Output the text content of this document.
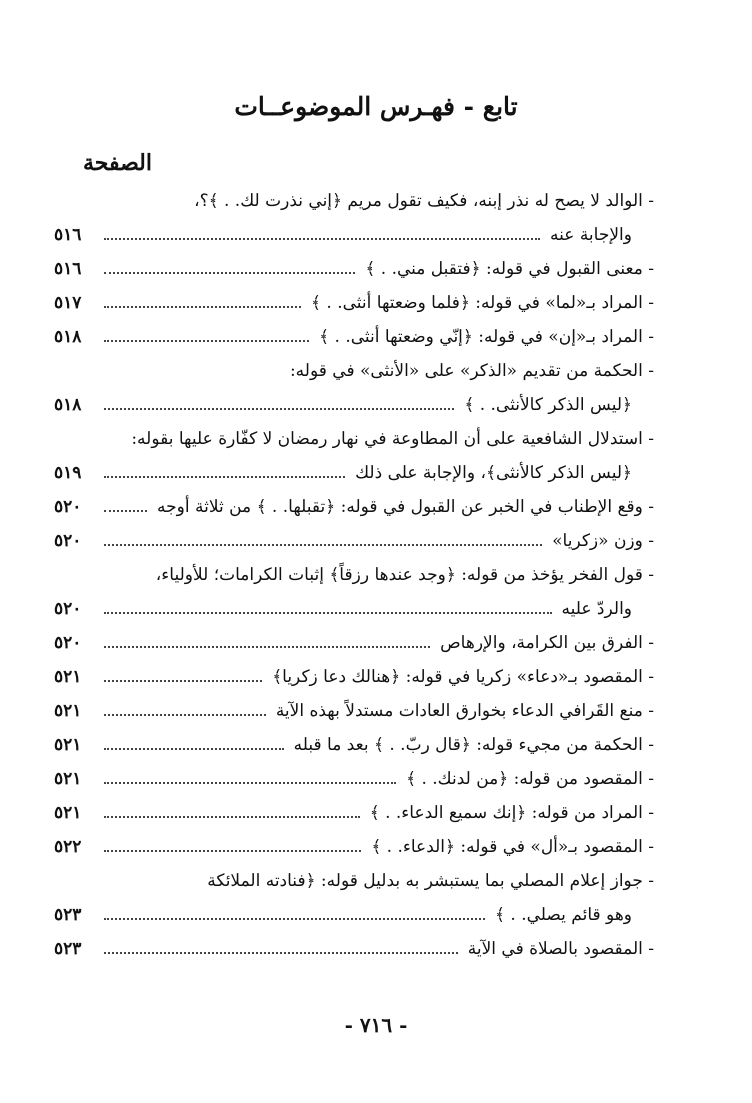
تابع - فهـرس الموضوعــات
الصفحة
- الوالد لا يصح له نذر إبنه، فكيف تقول مريم ﴿إني نذرت لك. . ﴾؟،
والإجابة عنه
٥١٦
- معنى القبول في قوله: ﴿فتقبل مني. . ﴾
٥١٦
- المراد بـ«لما» في قوله: ﴿فلما وضعتها أنثى. . ﴾
٥١٧
- المراد بـ«إن» في قوله: ﴿إنّي وضعتها أنثى. . ﴾
٥١٨
- الحكمة من تقديم «الذكر» على «الأنثى» في قوله:
﴿ليس الذكر كالأنثى. . ﴾
٥١٨
- استدلال الشافعية على أن المطاوعة في نهار رمضان لا كفّارة عليها بقوله:
﴿ليس الذكر كالأنثى﴾، والإجابة على ذلك
٥١٩
- وقع الإطناب في الخبر عن القبول في قوله: ﴿تقبلها. . ﴾ من ثلاثة أوجه
٥٢٠
- وزن «زكريا»
٥٢٠
- قول الفخر يؤخذ من قوله: ﴿وجد عندها رزقاً﴾ إثبات الكرامات؛ للأولياء،
والردّ عليه
٥٢٠
- الفرق بين الكرامة، والإرهاص
٥٢٠
- المقصود بـ«دعاء» زكريا في قوله: ﴿هنالك دعا زكريا﴾
٥٢١
- منع القَرافي الدعاء بخوارق العادات مستدلاً بهذه الآية
٥٢١
- الحكمة من مجيء قوله: ﴿قال ربّ. . ﴾ بعد ما قبله
٥٢١
- المقصود من قوله: ﴿من لدنك. . ﴾
٥٢١
- المراد من قوله: ﴿إنك سميع الدعاء. . ﴾
٥٢١
- المقصود بـ«أل» في قوله: ﴿الدعاء. . ﴾
٥٢٢
- جواز إعلام المصلي بما يستبشر به بدليل قوله: ﴿فنادته الملائكة
وهو قائم يصلي. . ﴾
٥٢٣
- المقصود بالصلاة في الآية
٥٢٣
- ٧١٦ -
